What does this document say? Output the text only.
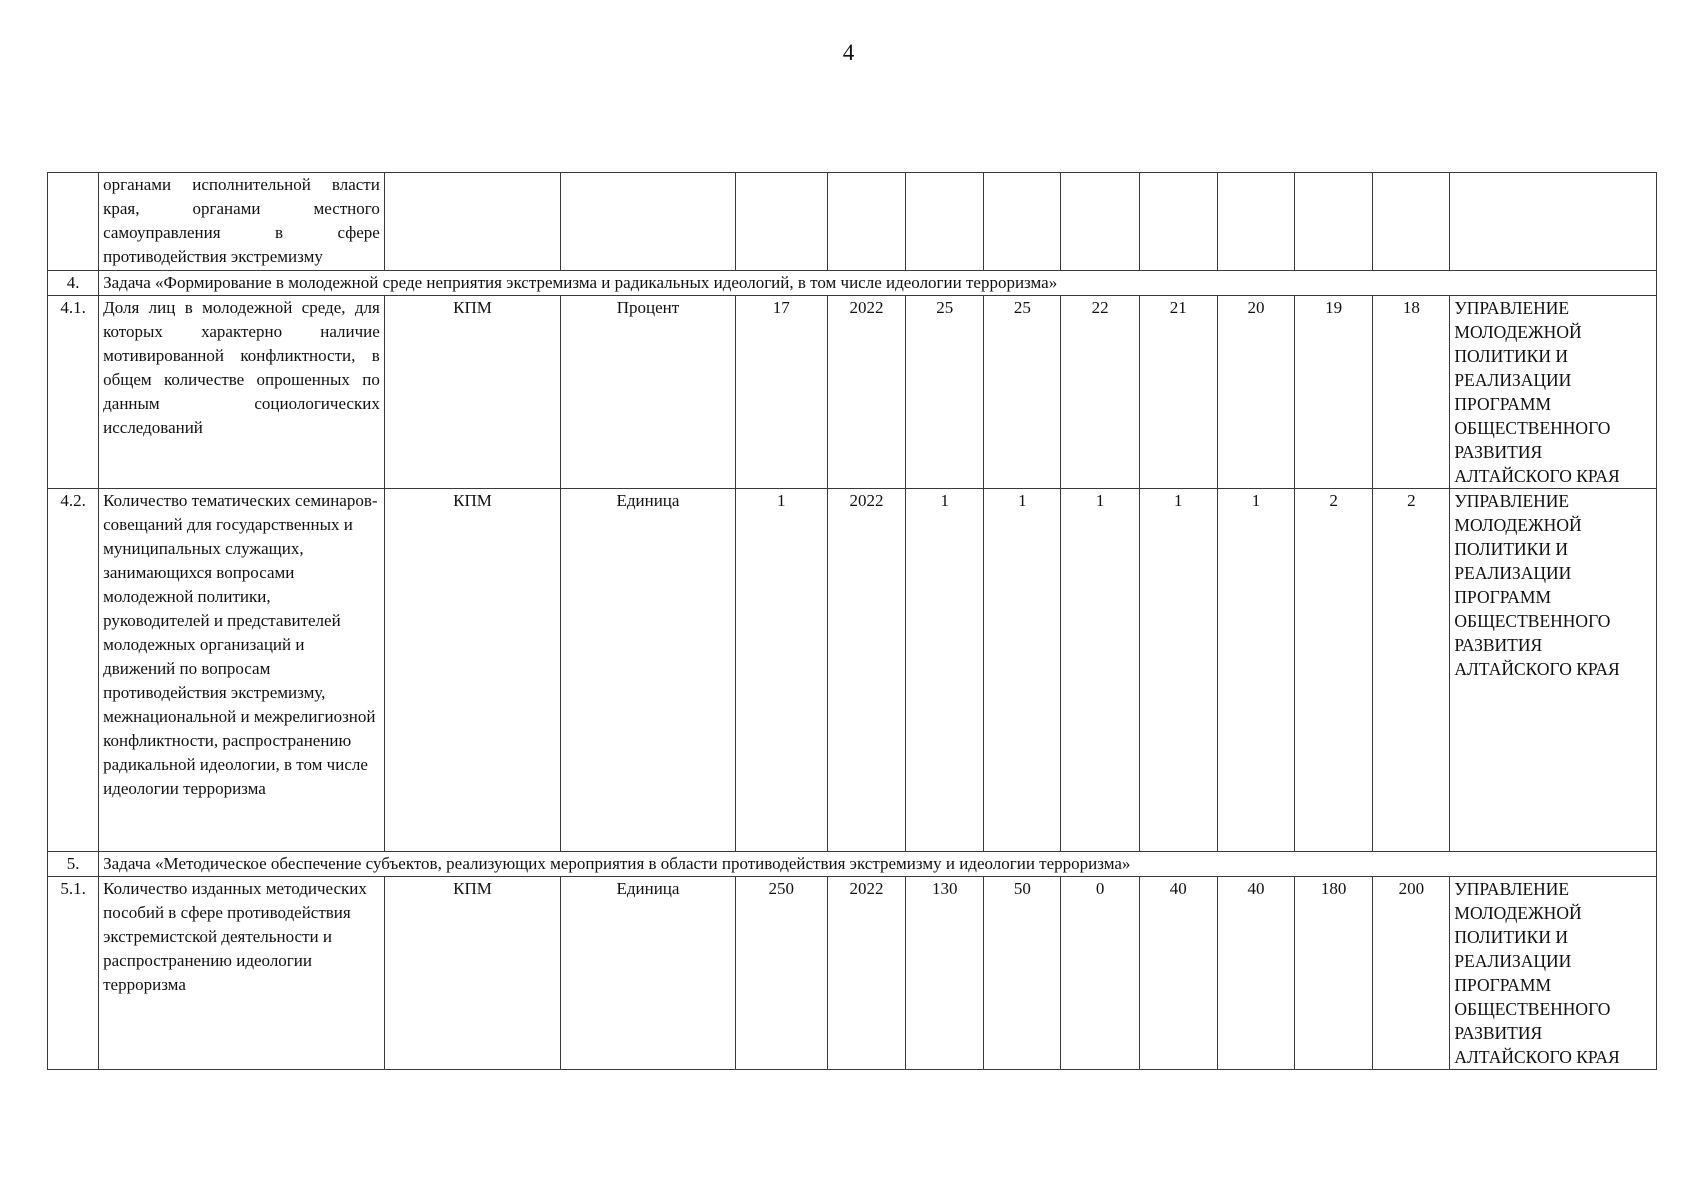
4
	органами исполнительной власти края, органами местного самоуправления в сфере противодействия экстремизму												
4.	Задача «Формирование в молодежной среде неприятия экстремизма и радикальных идеологий, в том числе идеологии терроризма»												
4.1.	Доля лиц в молодежной среде, для которых характерно наличие мотивированной конфликтности, в общем количестве опрошенных по данным социологических исследований	КПМ	Процент	17	2022	25	25	22	21	20	19	18	УПРАВЛЕНИЕ МОЛОДЕЖНОЙ ПОЛИТИКИ И РЕАЛИЗАЦИИ ПРОГРАММ ОБЩЕСТВЕННОГО РАЗВИТИЯ АЛТАЙСКОГО КРАЯ
4.2.	Количество тематических семинаров-совещаний для государственных и муниципальных служащих, занимающихся вопросами молодежной политики, руководителей и представителей молодежных организаций и движений по вопросам противодействия экстремизму, межнациональной и межрелигиозной конфликтности, распространению радикальной идеологии, в том числе идеологии терроризма	КПМ	Единица	1	2022	1	1	1	1	1	2	2	УПРАВЛЕНИЕ МОЛОДЕЖНОЙ ПОЛИТИКИ И РЕАЛИЗАЦИИ ПРОГРАММ ОБЩЕСТВЕННОГО РАЗВИТИЯ АЛТАЙСКОГО КРАЯ
5.	Задача «Методическое обеспечение субъектов, реализующих мероприятия в области противодействия экстремизму и идеологии терроризма»												
5.1.	Количество изданных методических пособий в сфере противодействия экстремистской деятельности и распространению идеологии терроризма	КПМ	Единица	250	2022	130	50	0	40	40	180	200	УПРАВЛЕНИЕ МОЛОДЕЖНОЙ ПОЛИТИКИ И РЕАЛИЗАЦИИ ПРОГРАММ ОБЩЕСТВЕННОГО РАЗВИТИЯ АЛТАЙСКОГО КРАЯ
